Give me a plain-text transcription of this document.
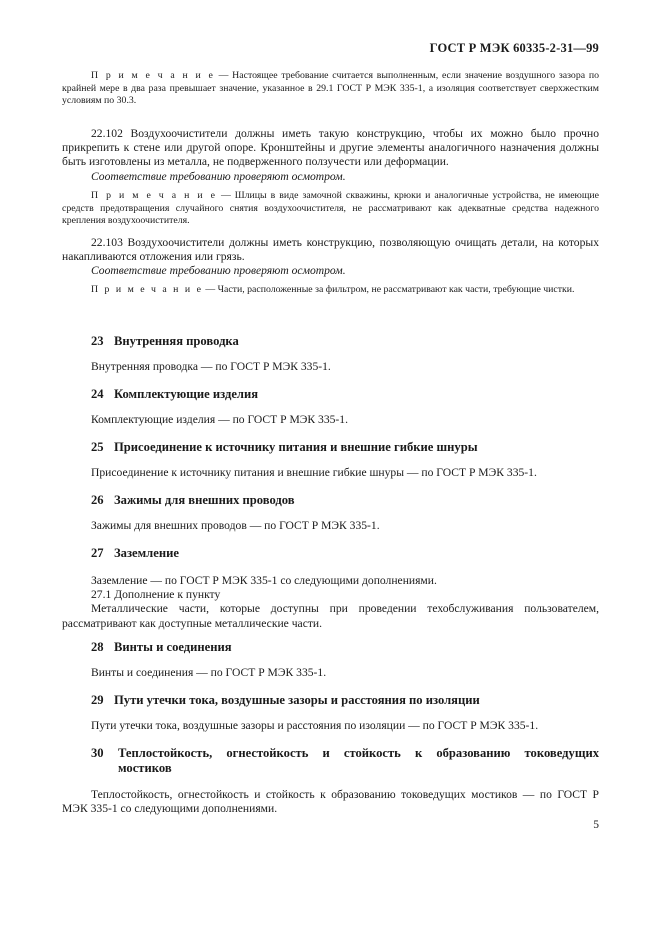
ГОСТ Р МЭК 60335-2-31—99

П р и м е ч а н и е — Настоящее требование считается выполненным, если значение воздушного зазора по крайней мере в два раза превышает значение, указанное в 29.1 ГОСТ Р МЭК 335-1, а изоляция соответствует сверхжестким условиям по 30.3.

22.102 Воздухоочистители должны иметь такую конструкцию, чтобы их можно было прочно прикрепить к стене или другой опоре. Кронштейны и другие элементы аналогичного назначения должны быть изготовлены из металла, не подверженного ползучести или деформации.

Соответствие требованию проверяют осмотром.

П р и м е ч а н и е — Шлицы в виде замочной скважины, крюки и аналогичные устройства, не имеющие средств предотвращения случайного снятия воздухоочистителя, не рассматривают как адекватные средства надежного крепления воздухоочистителя.

22.103 Воздухоочистители должны иметь конструкцию, позволяющую очищать детали, на которых накапливаются отложения или грязь.

Соответствие требованию проверяют осмотром.

П р и м е ч а н и е — Части, расположенные за фильтром, не рассматривают как части, требующие чистки.

23 Внутренняя проводка

Внутренняя проводка — по ГОСТ Р МЭК 335-1.

24 Комплектующие изделия

Комплектующие изделия — по ГОСТ Р МЭК 335-1.

25 Присоединение к источнику питания и внешние гибкие шнуры

Присоединение к источнику питания и внешние гибкие шнуры — по ГОСТ Р МЭК 335-1.

26 Зажимы для внешних проводов

Зажимы для внешних проводов — по ГОСТ Р МЭК 335-1.

27 Заземление

Заземление — по ГОСТ Р МЭК 335-1 со следующими дополнениями.

27.1 Дополнение к пункту

Металлические части, которые доступны при проведении техобслуживания пользователем, рассматривают как доступные металлические части.

28 Винты и соединения

Винты и соединения — по ГОСТ Р МЭК 335-1.

29 Пути утечки тока, воздушные зазоры и расстояния по изоляции

Пути утечки тока, воздушные зазоры и расстояния по изоляции — по ГОСТ Р МЭК 335-1.

30 Теплостойкость, огнестойкость и стойкость к образованию токоведущих мостиков

Теплостойкость, огнестойкость и стойкость к образованию токоведущих мостиков — по ГОСТ Р МЭК 335-1 со следующими дополнениями.

5
